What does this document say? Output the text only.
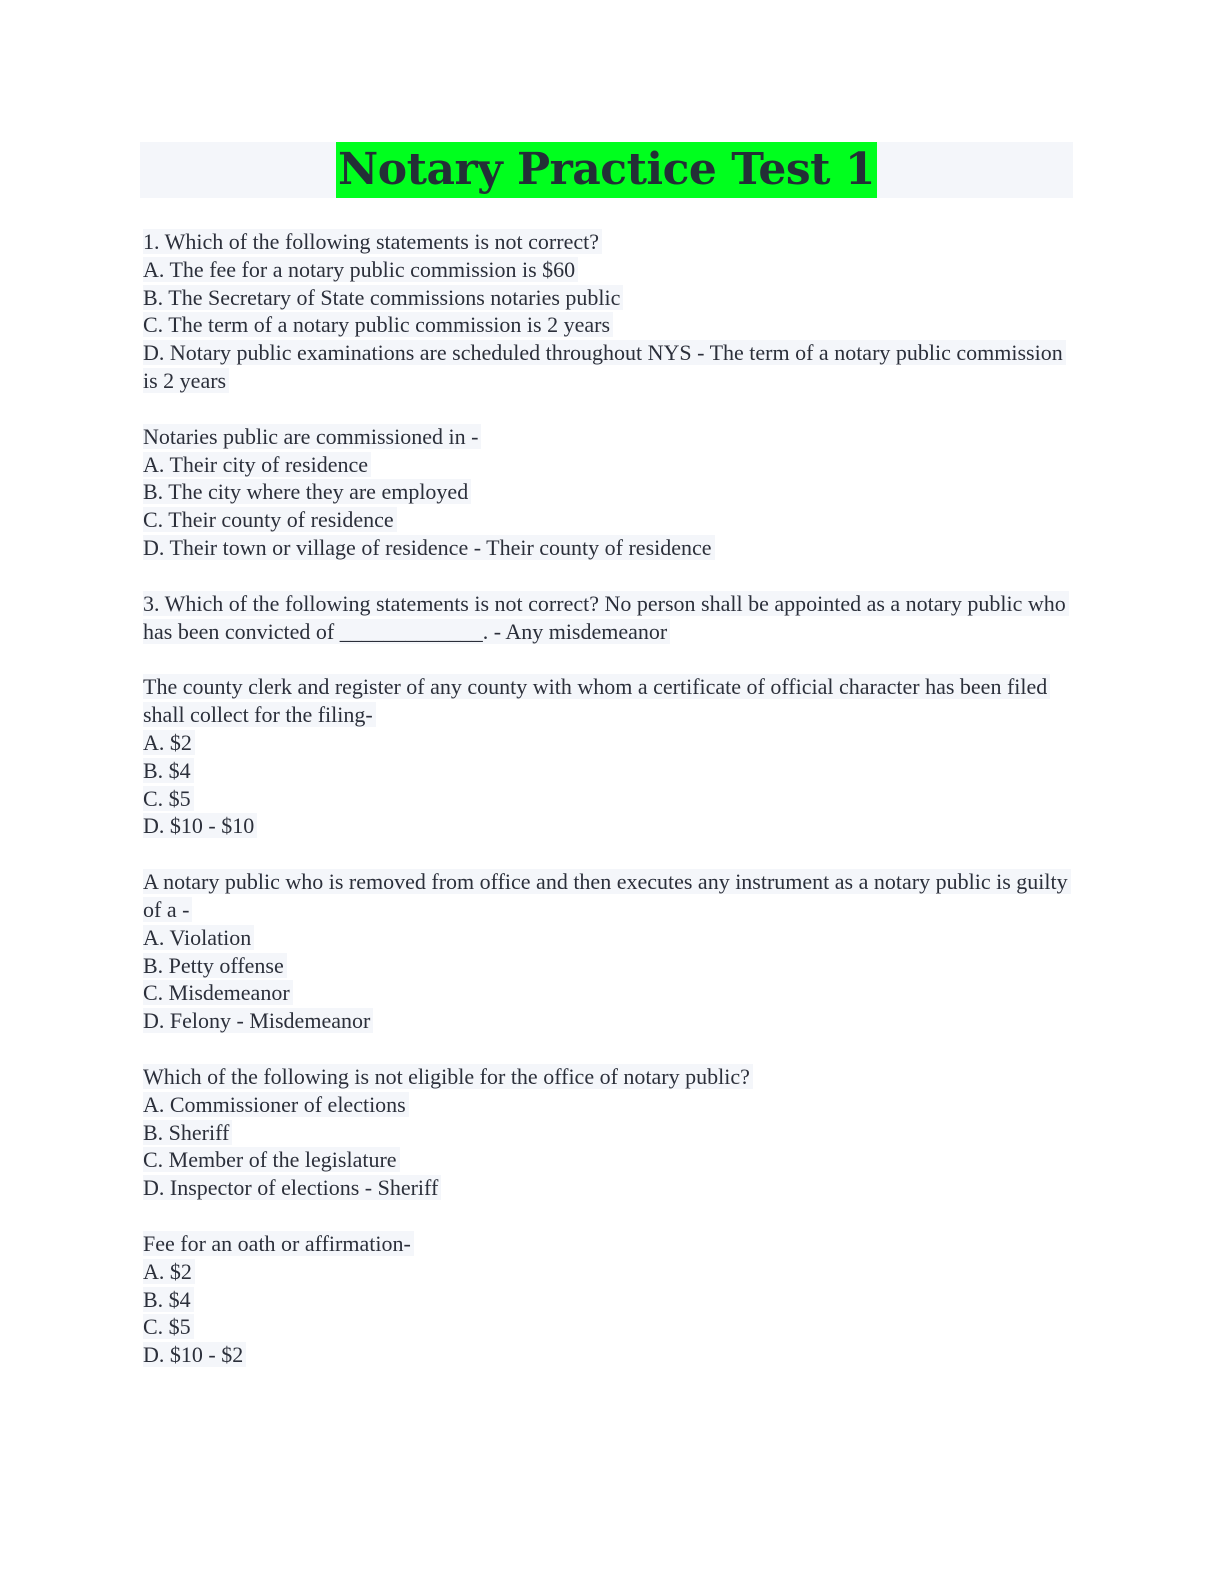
Notary Practice Test 1
1. Which of the following statements is not correct?
A. The fee for a notary public commission is $60
B. The Secretary of State commissions notaries public
C. The term of a notary public commission is 2 years
D. Notary public examinations are scheduled throughout NYS - The term of a notary public commission is 2 years
Notaries public are commissioned in -
A. Their city of residence
B. The city where they are employed
C. Their county of residence
D. Their town or village of residence - Their county of residence
3. Which of the following statements is not correct? No person shall be appointed as a notary public who has been convicted of _____________. - Any misdemeanor
The county clerk and register of any county with whom a certificate of official character has been filed shall collect for the filing-
A. $2
B. $4
C. $5
D. $10 - $10
A notary public who is removed from office and then executes any instrument as a notary public is guilty of a -
A. Violation
B. Petty offense
C. Misdemeanor
D. Felony - Misdemeanor
Which of the following is not eligible for the office of notary public?
A. Commissioner of elections
B. Sheriff
C. Member of the legislature
D. Inspector of elections - Sheriff
Fee for an oath or affirmation-
A. $2
B. $4
C. $5
D. $10 - $2
